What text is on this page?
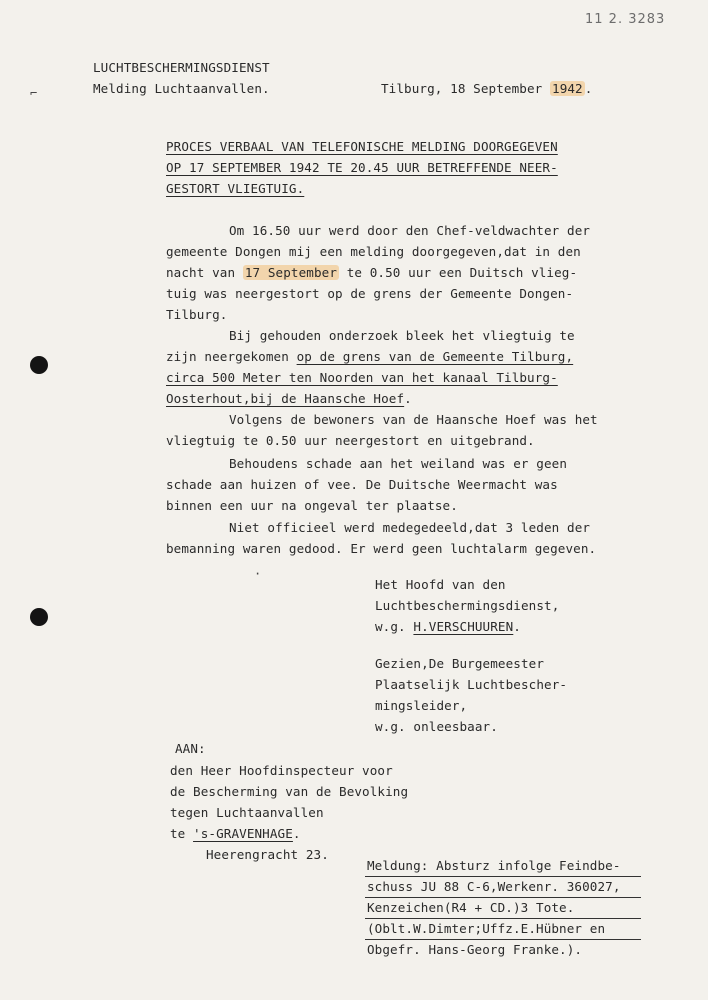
11 2. 3283
⌐
LUCHTBESCHERMINGSDIENST
Melding Luchtaanvallen.	Tilburg, 18 September 1942 .
PROCES VERBAAL VAN TELEFONISCHE MELDING DOORGEGEVEN
OP 17 SEPTEMBER 1942 TE 20.45 UUR BETREFFENDE NEER-
GESTORT VLIEGTUIG.
Om 16.50 uur werd door den Chef-veldwachter der
gemeente Dongen mij een melding doorgegeven,dat in den
nacht van 17 September te 0.50 uur een Duitsch vlieg-
tuig was neergestort op de grens der Gemeente Dongen-
Tilburg.
Bij gehouden onderzoek bleek het vliegtuig te
zijn neergekomen op de grens van de Gemeente Tilburg,
circa 500 Meter ten Noorden van het kanaal Tilburg-
Oosterhout,bij de Haansche Hoef.
Volgens de bewoners van de Haansche Hoef was het
vliegtuig te 0.50 uur neergestort en uitgebrand.
Behoudens schade aan het weiland was er geen
schade aan huizen of vee. De Duitsche Weermacht was
binnen een uur na ongeval ter plaatse.
Niet officieel werd medegedeeld,dat 3 leden der
bemanning waren gedood. Er werd geen luchtalarm gegeven.
·
Het Hoofd van den
Luchtbeschermingsdienst,
w.g. H.VERSCHUUREN.
Gezien,De Burgemeester
Plaatselijk Luchtbescher-
mingsleider,
w.g. onleesbaar.
AAN:
den Heer Hoofdinspecteur voor
de Bescherming van de Bevolking
tegen Luchtaanvallen
te 's-GRAVENHAGE.
Heerengracht 23.
Meldung: Absturz infolge Feindbe-
schuss JU 88 C-6,Werkenr. 360027,
Kenzeichen(R4 + CD.)3 Tote.
(Oblt.W.Dimter;Uffz.E.Hübner en
Obgefr. Hans-Georg Franke.).
